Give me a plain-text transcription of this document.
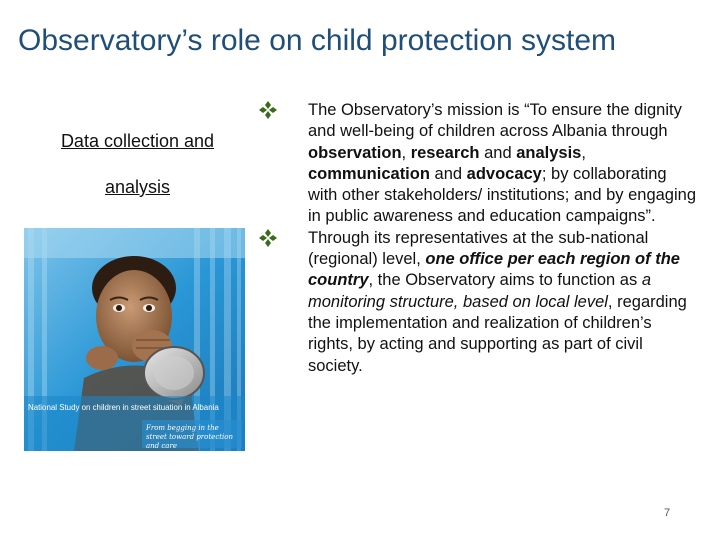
Observatory’s role on child protection system
Data collection and
analysis
National Study on children in street situation in Albania
From begging in the street toward protection and care
The Observatory’s mission is “To ensure the dignity and well-being of children across Albania through observation, research and analysis, communication and advocacy; by collaborating with other stakeholders/ institutions; and by engaging in public awareness and education campaigns”.
Through its representatives at the sub-national (regional) level, one office per each region of the country, the Observatory aims to function as a monitoring structure, based on local level, regarding the implementation and realization of children’s rights, by acting and supporting as part of civil society.
7
